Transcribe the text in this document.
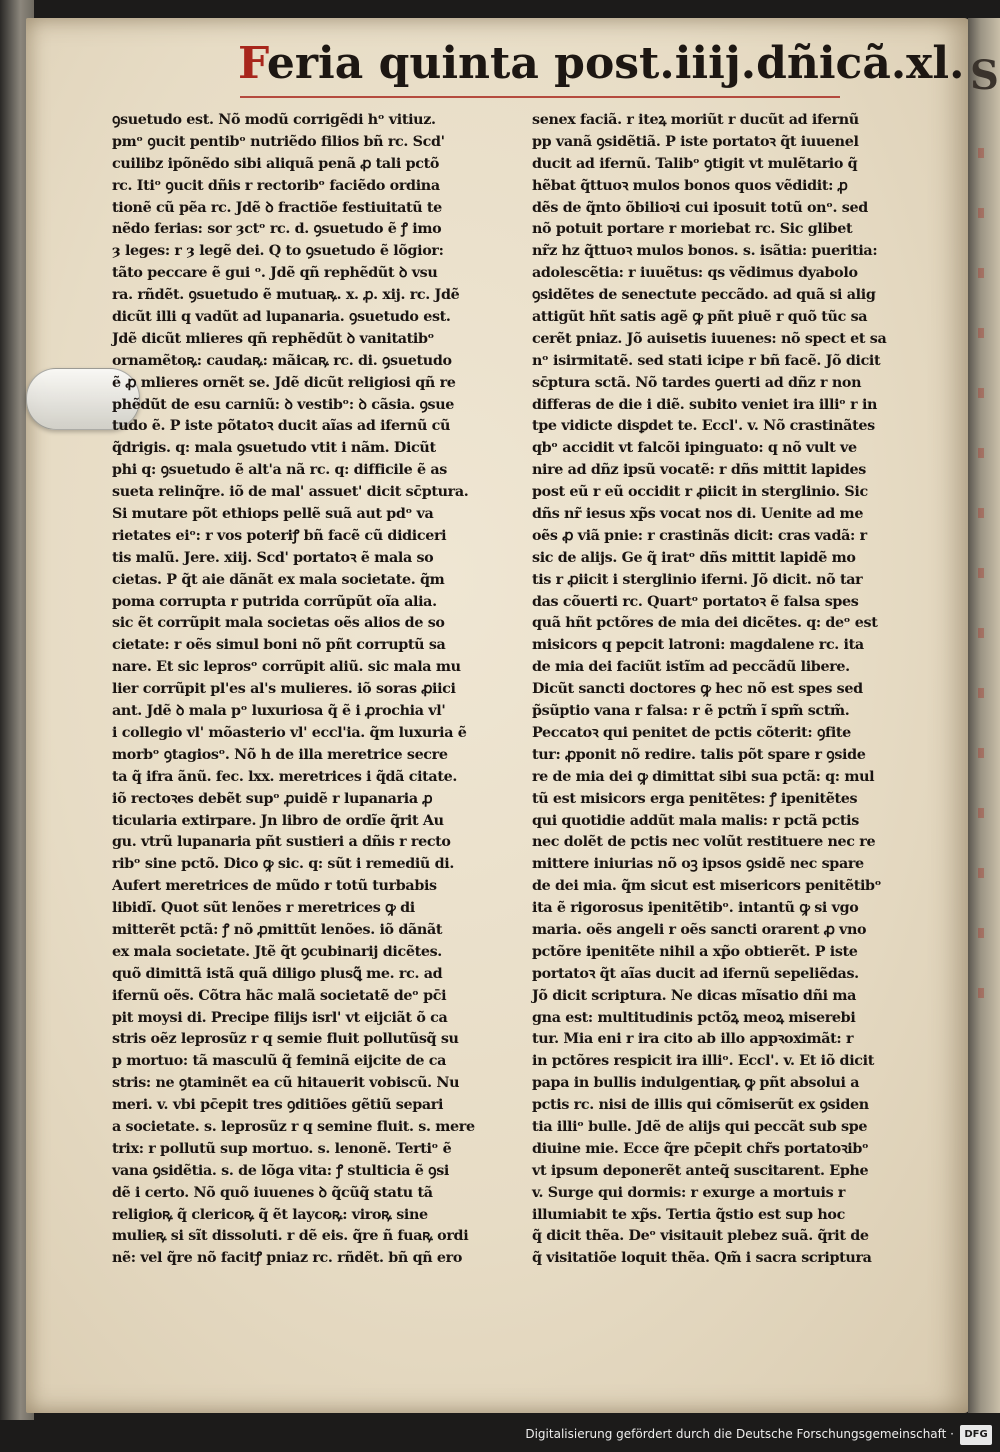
S
Feria quinta post.iiij.dñicã.xl.
ꝯsuetudo est. Nõ modũ corrigẽdi hᵒ vitiuz.
pmᵒ ꝯucit pentibᵒ nutriẽdo filios bñ rc. Scd'
cuilibz ipõnẽdo sibi aliquã penã ꝓ tali pctõ
rc. Itiᵒ ꝯucit dñis r rectoribᵒ faciẽdo ordina
tionẽ cũ pẽa rc. Jdẽ ꝺ fractiõe festiuitatũ te
nẽdo ferias: sor ȝctᵒ rc. d. ꝯsuetudo ẽ ꝭ imo
ȝ leges: r ȝ legẽ dei. Q to ꝯsuetudo ẽ lõgior:
tãto peccare ẽ gui ᵒ. Jdẽ qñ rephẽdũt ꝺ vsu
ra. rñdẽt. ꝯsuetudo ẽ mutuaꝶ. x. ꝓ. xij. rc. Jdẽ
dicũt illi q vadũt ad lupanaria. ꝯsuetudo est.
Jdẽ dicũt mlieres qñ rephẽdũt ꝺ vanitatibᵒ
ornamẽtoꝶ: caudaꝶ: mãicaꝶ rc. di. ꝯsuetudo
ẽ ꝓ mlieres ornẽt se. Jdẽ dicũt religiosi qñ re
phẽdũt de esu carniũ: ꝺ vestibᵒ: ꝺ cãsia. ꝯsue
tudo ẽ. P iste põtatoꝛ ducit aĩas ad ifernũ cũ
q̃drigis. q: mala ꝯsuetudo vtit i nãm. Dicũt
phi q: ꝯsuetudo ẽ alt'a nã rc. q: difficile ẽ as
sueta relinq̃re. iõ de mal' assuet' dicit sc̄ptura.
Si mutare põt ethiops pellẽ suã aut pdᵒ va
rietates eiᵒ: r vos poteriꝭ bñ facẽ cũ didiceri
tis malũ. Jere. xiij. Scd' portatoꝛ ẽ mala so
cietas. P q̃t aie dãnãt ex mala societate. q̃m
poma corrupta r putrida corrũpũt oĩa alia.
sic ẽt corrũpit mala societas oẽs alios de so
cietate: r oẽs simul boni nõ pñt corruptũ sa
nare. Et sic leprosᵒ corrũpit aliũ. sic mala mu
lier corrũpit pl'es al's mulieres. iõ soras ꝓiici
ant. Jdẽ ꝺ mala pᵒ luxuriosa q̃ ẽ i ꝓrochia vl'
i collegio vl' mõasterio vl' eccl'ia. q̃m luxuria ẽ
morbᵒ ꝯtagiosᵒ. Nõ h de illa meretrice secre
ta q̃ ifra ãnũ. fec. lxx. meretrices i q̃dã citate.
iõ rectoꝛes debẽt supᵒ ꝓuidẽ r lupanaria ꝓ
ticularia extirpare. Jn libro de ordĩe q̃rit Au
gu. vtrũ lupanaria pñt sustieri a dñis r recto
ribᵒ sine pctõ. Dico ꝙ sic. q: sũt i remediũ di.
Aufert meretrices de mũdo r totũ turbabis
libidĩ. Quot sũt lenões r meretrices ꝙ di
mitterẽt pctã: ꝭ nõ ꝓmittũt lenões. iõ dãnãt
ex mala societate. Jtẽ q̃t ꝯcubinarij dicẽtes.
quõ dimittã istã quã diligo plusꝗ̃ me. rc. ad
ifernũ oẽs. Cõtra hãc malã societatẽ deᵒ pc̄i
pit moysi di. Precipe filijs isrl' vt eijciãt õ ca
stris oẽz leprosũz r q semie fluit pollutũsq̃ su
p mortuo: tã masculũ q̃ feminã eijcite de ca
stris: ne ꝯtaminẽt ea cũ hitauerit vobiscũ. Nu
meri. v. vbi pc̄epit tres ꝯditiões gẽtiũ separi
a societate. s. leprosũz r q semine fluit. s. mere
trix: r pollutũ sup mortuo. s. lenonẽ. Tertiᵒ ẽ
vana ꝯsidẽtia. s. de lõga vita: ꝭ stulticia ẽ ꝯsi
dẽ i certo. Nõ quõ iuuenes ꝺ q̃cũq̃ statu tã
religioꝶ q̃ clericoꝶ q̃ ẽt laycoꝶ: viroꝶ sine
mulieꝶ si sĩt dissoluti. r dẽ eis. q̃re ñ fuaꝶ ordi
nẽ: vel q̃re nõ facitꝭ pniaz rc. rñdẽt. bñ qñ ero
senex faciã. r iteꝝ moriũt r ducũt ad ifernũ
pp vanã ꝯsidẽtiã. P iste portatoꝛ q̃t iuuenel
ducit ad ifernũ. Talibᵒ ꝯtigit vt mulẽtario q̃
hẽbat q̃ttuoꝛ mulos bonos quos vẽdidit: ꝓ
dẽs de q̃nto õbilioꝛi cui iposuit totũ onᵒ. sed
nõ potuit portare r moriebat rc. Sic glibet
nr̃z hz q̃ttuoꝛ mulos bonos. s. isãtia: pueritia:
adolescẽtia: r iuuẽtus: qs vẽdimus dyabolo
ꝯsidẽtes de senectute peccãdo. ad quã si alig
attigũt hñt satis agẽ ꝙ pñt piuẽ r quõ tũc sa
cerẽt pniaz. Jõ auisetis iuuenes: nõ spect et sa
nᵒ isirmitatẽ. sed stati icipe r bñ facẽ. Jõ dicit
sc̄ptura sctã. Nõ tardes ꝯuerti ad dñz r non
differas de die i diẽ. subito veniet ira illiᵒ r in
tpe vidicte disꝑdet te. Eccl'. v. Nõ crastinãtes
qbᵒ accidit vt falcõi ipinguato: q nõ vult ve
nire ad dñz ipsũ vocatẽ: r dñs mittit lapides
post eũ r eũ occidit r ꝓiicit in sterglinio. Sic
dñs nr̃ iesus xp̃s vocat nos di. Uenite ad me
oẽs ꝓ viã pnie: r crastinãs dicit: cras vadã: r
sic de alijs. Ge q̃ iratᵒ dñs mittit lapidẽ mo
tis r ꝓiicit i sterglinio iferni. Jõ dicit. nõ tar
das cõuerti rc. Quartᵒ portatoꝛ ẽ falsa spes
quã hñt pctõres de mia dei dicẽtes. q: deᵒ est
misicors q pepcit latroni: magdalene rc. ita
de mia dei faciũt istĩm ad peccãdũ libere.
Dicũt sancti doctores ꝙ hec nõ est spes sed
p̃sũptio vana r falsa: r ẽ pctm̃ ĩ spm̃ sctm̃.
Peccatoꝛ qui penitet de pctis cõterit: ꝯfite
tur: ꝓponit nõ redire. talis põt spare r ꝯside
re de mia dei ꝙ dimittat sibi sua pctã: q: mul
tũ est misicors erga penitẽtes: ꝭ ipenitẽtes
qui quotidie addũt mala malis: r pctã pctis
nec dolẽt de pctis nec volũt restituere nec re
mittere iniurias nõ oꝫ ipsos ꝯsidẽ nec spare
de dei mia. q̃m sicut est misericors penitẽtibᵒ
ita ẽ rigorosus ipenitẽtibᵒ. intantũ ꝙ si vgo
maria. oẽs angeli r oẽs sancti orarent ꝓ vno
pctõre ipenitẽte nihil a xp̃o obtierẽt. P iste
portatoꝛ q̃t aĩas ducit ad ifernũ sepeliẽdas.
Jõ dicit scriptura. Ne dicas mĩsatio dñi ma
gna est: multitudinis pctõꝝ meoꝝ miserebi
tur. Mia eni r ira cito ab illo appꝛoximãt: r
in pctõres respicit ira illiᵒ. Eccl'. v. Et iõ dicit
papa in bullis indulgentiaꝶ ꝙ pñt absolui a
pctis rc. nisi de illis qui cõmiserũt ex ꝯsiden
tia illiᵒ bulle. Jdẽ de alijs qui peccãt sub spe
diuine mie. Ecce q̃re pc̄epit chr̃s portatoꝛibᵒ
vt ipsum deponerẽt anteq̃ suscitarent. Ephe
v. Surge qui dormis: r exurge a mortuis r
illumiabit te xp̃s. Tertia q̃stio est sup hoc
q̃ dicit thẽa. Deᵒ visitauit plebez suã. q̃rit de
q̃ visitatiõe loquit thẽa. Qm̃ i sacra scriptura
Digitalisierung gefördert durch die Deutsche Forschungsgemeinschaft ·	DFG
